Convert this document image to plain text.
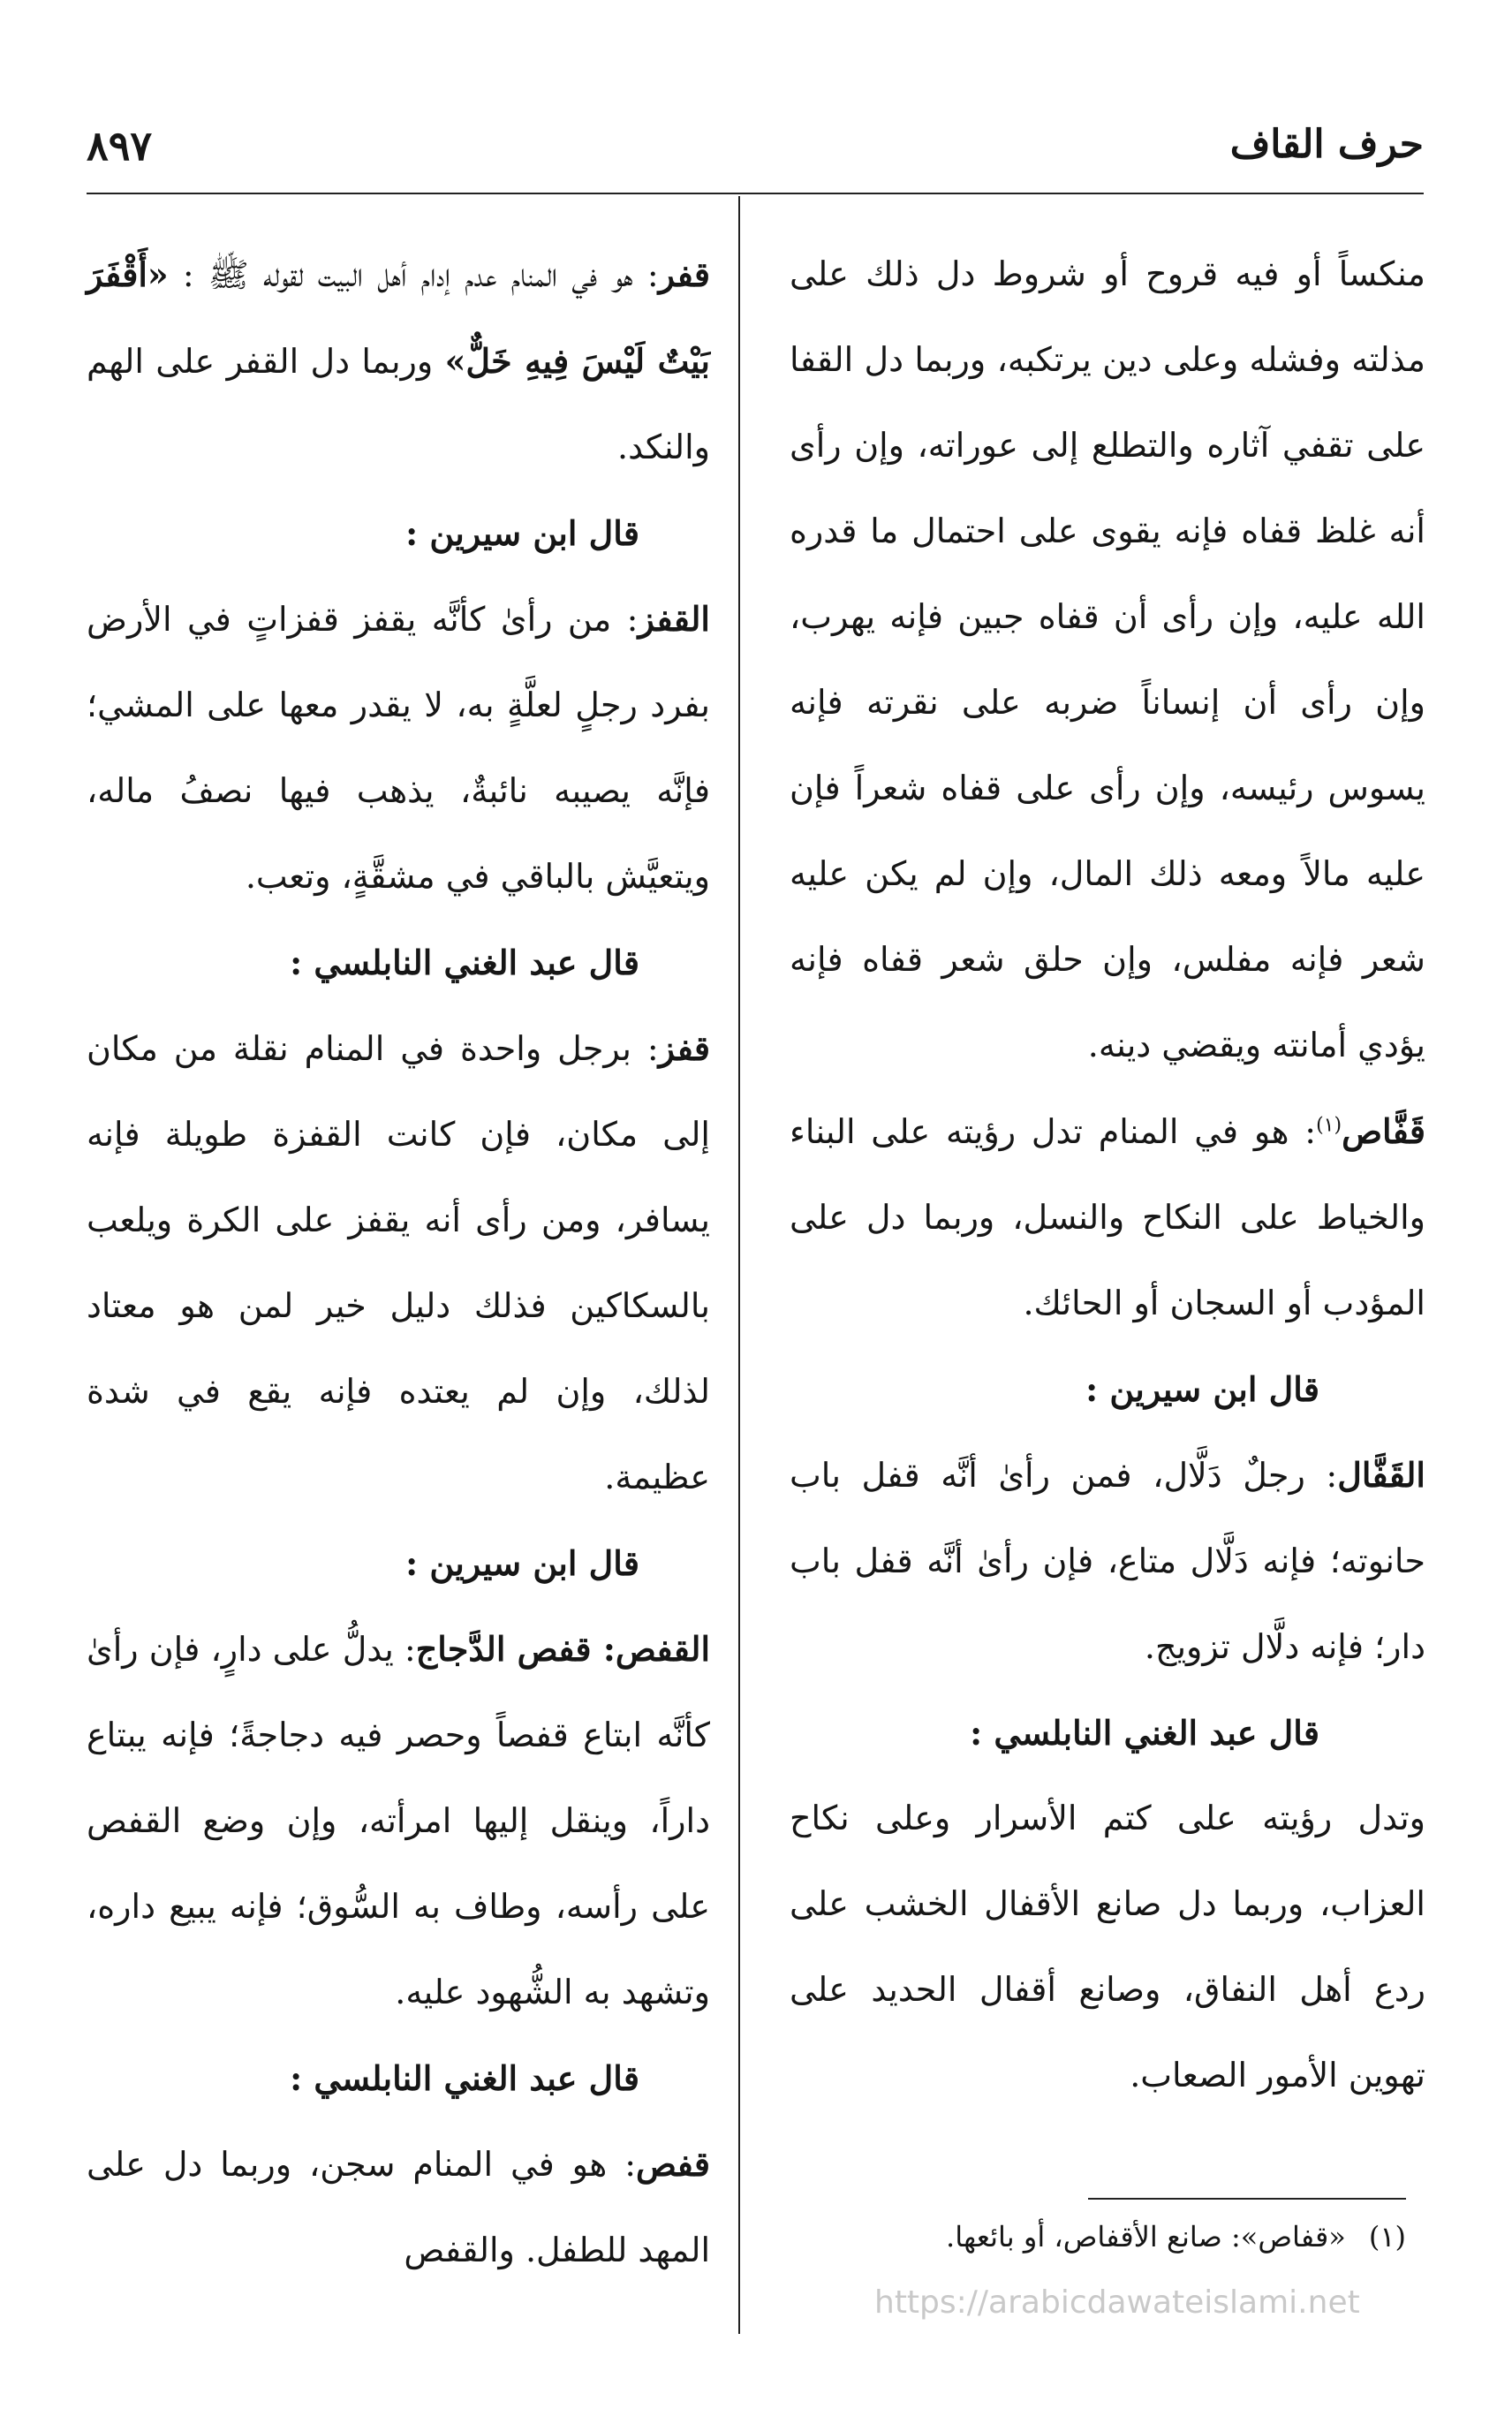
حرف القاف
٨٩٧

منكساً أو فيه قروح أو شروط دل ذلك على مذلته وفشله وعلى دين يرتكبه، وربما دل القفا على تقفي آثاره والتطلع إلى عوراته، وإن رأى أنه غلظ قفاه فإنه يقوى على احتمال ما قدره الله عليه، وإن رأى أن قفاه جبين فإنه يهرب، وإن رأى أن إنساناً ضربه على نقرته فإنه يسوس رئيسه، وإن رأى على قفاه شعراً فإن عليه مالاً ومعه ذلك المال، وإن لم يكن عليه شعر فإنه مفلس، وإن حلق شعر قفاه فإنه يؤدي أمانته ويقضي دينه.

قَفَّاص$^{(١)}$: هو في المنام تدل رؤيته على البناء والخياط على النكاح والنسل، وربما دل على المؤدب أو السجان أو الحائك.

قال ابن سيرين :

القَفَّال: رجلٌ دَلَّال، فمن رأىٰ أنَّه قفل باب حانوته؛ فإنه دَلَّال متاع، فإن رأىٰ أنَّه قفل باب دار؛ فإنه دلَّال تزويج.

قال عبد الغني النابلسي :

وتدل رؤيته على كتم الأسرار وعلى نكاح العزاب، وربما دل صانع الأقفال الخشب على ردع أهل النفاق، وصانع أقفال الحديد على تهوين الأمور الصعاب.

قفر: هو في المنام عدم إدام أهل البيت لقوله ﷺ : «أَقْفَرَ بَيْتٌ لَيْسَ فِيهِ خَلٌّ» وربما دل القفر على الهم والنكد.

قال ابن سيرين :

القفز: من رأىٰ كأنَّه يقفز قفزاتٍ في الأرض بفرد رجلٍ لعلَّةٍ به، لا يقدر معها على المشي؛ فإنَّه يصيبه نائبةٌ، يذهب فيها نصفُ ماله، ويتعيَّش بالباقي في مشقَّةٍ، وتعب.

قال عبد الغني النابلسي :

قفز: برجل واحدة في المنام نقلة من مكان إلى مكان، فإن كانت القفزة طويلة فإنه يسافر، ومن رأى أنه يقفز على الكرة ويلعب بالسكاكين فذلك دليل خير لمن هو معتاد لذلك، وإن لم يعتده فإنه يقع في شدة عظيمة.

قال ابن سيرين :

القفص: قفص الدَّجاج: يدلُّ على دارٍ، فإن رأىٰ كأنَّه ابتاع قفصاً وحصر فيه دجاجةً؛ فإنه يبتاع داراً، وينقل إليها امرأته، وإن وضع القفص على رأسه، وطاف به السُّوق؛ فإنه يبيع داره، وتشهد به الشُّهود عليه.

قال عبد الغني النابلسي :

قفص: هو في المنام سجن، وربما دل على المهد للطفل. والقفص	(١)«قفاص»: صانع الأقفاص، أو بائعها.
https://arabicdawateislami.net
